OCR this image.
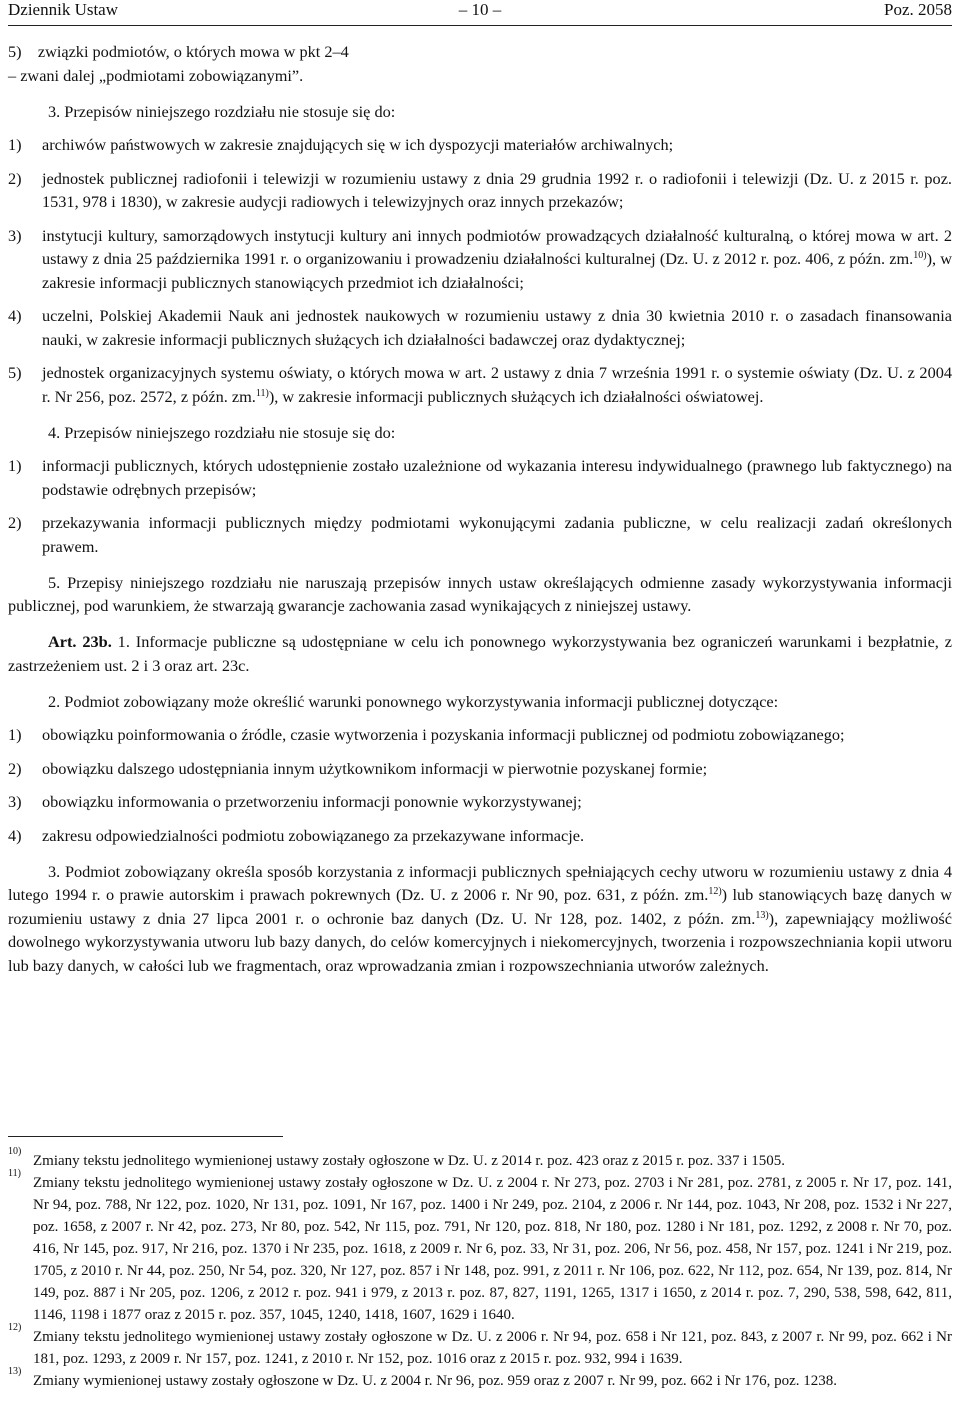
Dziennik Ustaw	– 10 –	Poz. 2058

5) związki podmiotów, o których mowa w pkt 2–4

– zwani dalej „podmiotami zobowiązanymi”.

3. Przepisów niniejszego rozdziału nie stosuje się do:

1) archiwów państwowych w zakresie znajdujących się w ich dyspozycji materiałów archiwalnych;
2) jednostek publicznej radiofonii i telewizji w rozumieniu ustawy z dnia 29 grudnia 1992 r. o radiofonii i telewizji (Dz. U. z 2015 r. poz. 1531, 978 i 1830), w zakresie audycji radiowych i telewizyjnych oraz innych przekazów;
3) instytucji kultury, samorządowych instytucji kultury ani innych podmiotów prowadzących działalność kulturalną, o której mowa w art. 2 ustawy z dnia 25 października 1991 r. o organizowaniu i prowadzeniu działalności kulturalnej (Dz. U. z 2012 r. poz. 406, z późn. zm.$^{10)}$), w zakresie informacji publicznych stanowiących przedmiot ich działalności;
4) uczelni, Polskiej Akademii Nauk ani jednostek naukowych w rozumieniu ustawy z dnia 30 kwietnia 2010 r. o zasadach finansowania nauki, w zakresie informacji publicznych służących ich działalności badawczej oraz dydaktycznej;
5) jednostek organizacyjnych systemu oświaty, o których mowa w art. 2 ustawy z dnia 7 września 1991 r. o systemie oświaty (Dz. U. z 2004 r. Nr 256, poz. 2572, z późn. zm.$^{11)}$), w zakresie informacji publicznych służących ich działalności oświatowej.

4. Przepisów niniejszego rozdziału nie stosuje się do:

1) informacji publicznych, których udostępnienie zostało uzależnione od wykazania interesu indywidualnego (prawnego lub faktycznego) na podstawie odrębnych przepisów;
2) przekazywania informacji publicznych między podmiotami wykonującymi zadania publiczne, w celu realizacji zadań określonych prawem.

5. Przepisy niniejszego rozdziału nie naruszają przepisów innych ustaw określających odmienne zasady wykorzystywania informacji publicznej, pod warunkiem, że stwarzają gwarancje zachowania zasad wynikających z niniejszej ustawy.

Art. 23b. 1. Informacje publiczne są udostępniane w celu ich ponownego wykorzystywania bez ograniczeń warunkami i bezpłatnie, z zastrzeżeniem ust. 2 i 3 oraz art. 23c.

2. Podmiot zobowiązany może określić warunki ponownego wykorzystywania informacji publicznej dotyczące:

1) obowiązku poinformowania o źródle, czasie wytworzenia i pozyskania informacji publicznej od podmiotu zobowiązanego;
2) obowiązku dalszego udostępniania innym użytkownikom informacji w pierwotnie pozyskanej formie;
3) obowiązku informowania o przetworzeniu informacji ponownie wykorzystywanej;
4) zakresu odpowiedzialności podmiotu zobowiązanego za przekazywane informacje.

3. Podmiot zobowiązany określa sposób korzystania z informacji publicznych spełniających cechy utworu w rozumieniu ustawy z dnia 4 lutego 1994 r. o prawie autorskim i prawach pokrewnych (Dz. U. z 2006 r. Nr 90, poz. 631, z późn. zm.$^{12)}$) lub stanowiących bazę danych w rozumieniu ustawy z dnia 27 lipca 2001 r. o ochronie baz danych (Dz. U. Nr 128, poz. 1402, z późn. zm.$^{13)}$), zapewniający możliwość dowolnego wykorzystywania utworu lub bazy danych, do celów komercyjnych i niekomercyjnych, tworzenia i rozpowszechniania kopii utworu lub bazy danych, w całości lub we fragmentach, oraz wprowadzania zmian i rozpowszechniania utworów zależnych.

10)
Zmiany tekstu jednolitego wymienionej ustawy zostały ogłoszone w Dz. U. z 2014 r. poz. 423 oraz z 2015 r. poz. 337 i 1505.
11)
Zmiany tekstu jednolitego wymienionej ustawy zostały ogłoszone w Dz. U. z 2004 r. Nr 273, poz. 2703 i Nr 281, poz. 2781, z 2005 r. Nr 17, poz. 141, Nr 94, poz. 788, Nr 122, poz. 1020, Nr 131, poz. 1091, Nr 167, poz. 1400 i Nr 249, poz. 2104, z 2006 r. Nr 144, poz. 1043, Nr 208, poz. 1532 i Nr 227, poz. 1658, z 2007 r. Nr 42, poz. 273, Nr 80, poz. 542, Nr 115, poz. 791, Nr 120, poz. 818, Nr 180, poz. 1280 i Nr 181, poz. 1292, z 2008 r. Nr 70, poz. 416, Nr 145, poz. 917, Nr 216, poz. 1370 i Nr 235, poz. 1618, z 2009 r. Nr 6, poz. 33, Nr 31, poz. 206, Nr 56, poz. 458, Nr 157, poz. 1241 i Nr 219, poz. 1705, z 2010 r. Nr 44, poz. 250, Nr 54, poz. 320, Nr 127, poz. 857 i Nr 148, poz. 991, z 2011 r. Nr 106, poz. 622, Nr 112, poz. 654, Nr 139, poz. 814, Nr 149, poz. 887 i Nr 205, poz. 1206, z 2012 r. poz. 941 i 979, z 2013 r. poz. 87, 827, 1191, 1265, 1317 i 1650, z 2014 r. poz. 7, 290, 538, 598, 642, 811, 1146, 1198 i 1877 oraz z 2015 r. poz. 357, 1045, 1240, 1418, 1607, 1629 i 1640.
12)
Zmiany tekstu jednolitego wymienionej ustawy zostały ogłoszone w Dz. U. z 2006 r. Nr 94, poz. 658 i Nr 121, poz. 843, z 2007 r. Nr 99, poz. 662 i Nr 181, poz. 1293, z 2009 r. Nr 157, poz. 1241, z 2010 r. Nr 152, poz. 1016 oraz z 2015 r. poz. 932, 994 i 1639.
13)
Zmiany wymienionej ustawy zostały ogłoszone w Dz. U. z 2004 r. Nr 96, poz. 959 oraz z 2007 r. Nr 99, poz. 662 i Nr 176, poz. 1238.
